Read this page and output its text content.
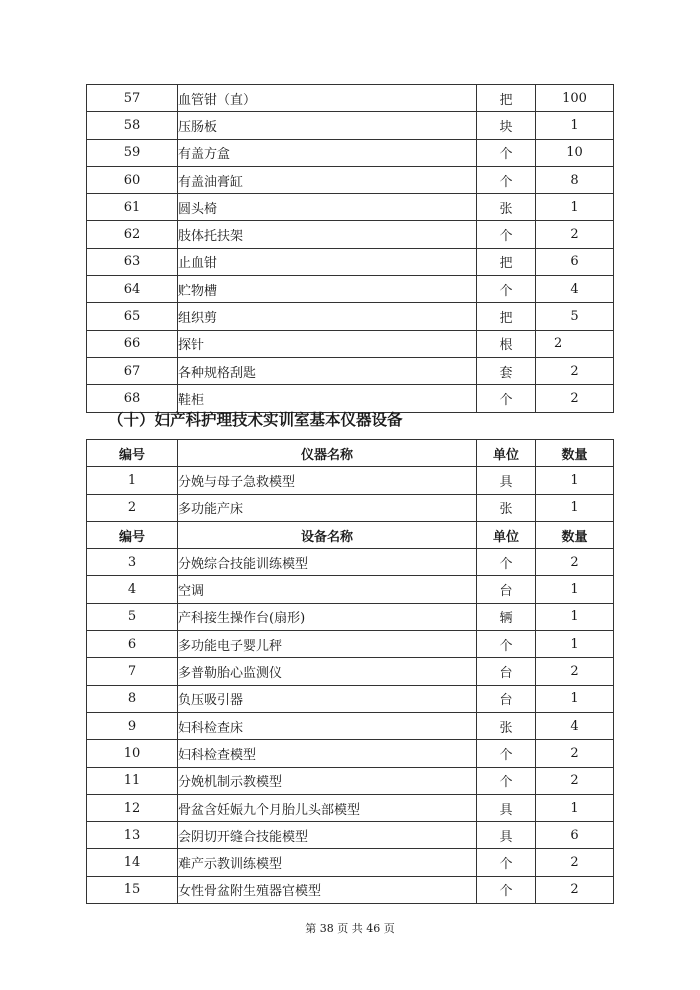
57	血管钳（直）	把	100
58	压肠板	块	1
59	有盖方盒	个	10
60	有盖油膏缸	个	8
61	圆头椅	张	1
62	肢体托扶架	个	2
63	止血钳	把	6
64	贮物槽	个	4
65	组织剪	把	5
66	探针	根	2
67	各种规格刮匙	套	2
68	鞋柜	个	2
（十）妇产科护理技术实训室基本仪器设备
编号	仪器名称	单位	数量
1	分娩与母子急救模型	具	1
2	多功能产床	张	1
编号	设备名称	单位	数量
3	分娩综合技能训练模型	个	2
4	空调	台	1
5	产科接生操作台(扇形)	辆	1
6	多功能电子婴儿秤	个	1
7	多普勒胎心监测仪	台	2
8	负压吸引器	台	1
9	妇科检查床	张	4
10	妇科检查模型	个	2
11	分娩机制示教模型	个	2
12	骨盆含妊娠九个月胎儿头部模型	具	1
13	会阴切开缝合技能模型	具	6
14	难产示教训练模型	个	2
15	女性骨盆附生殖器官模型	个	2
第 38 页 共 46 页
